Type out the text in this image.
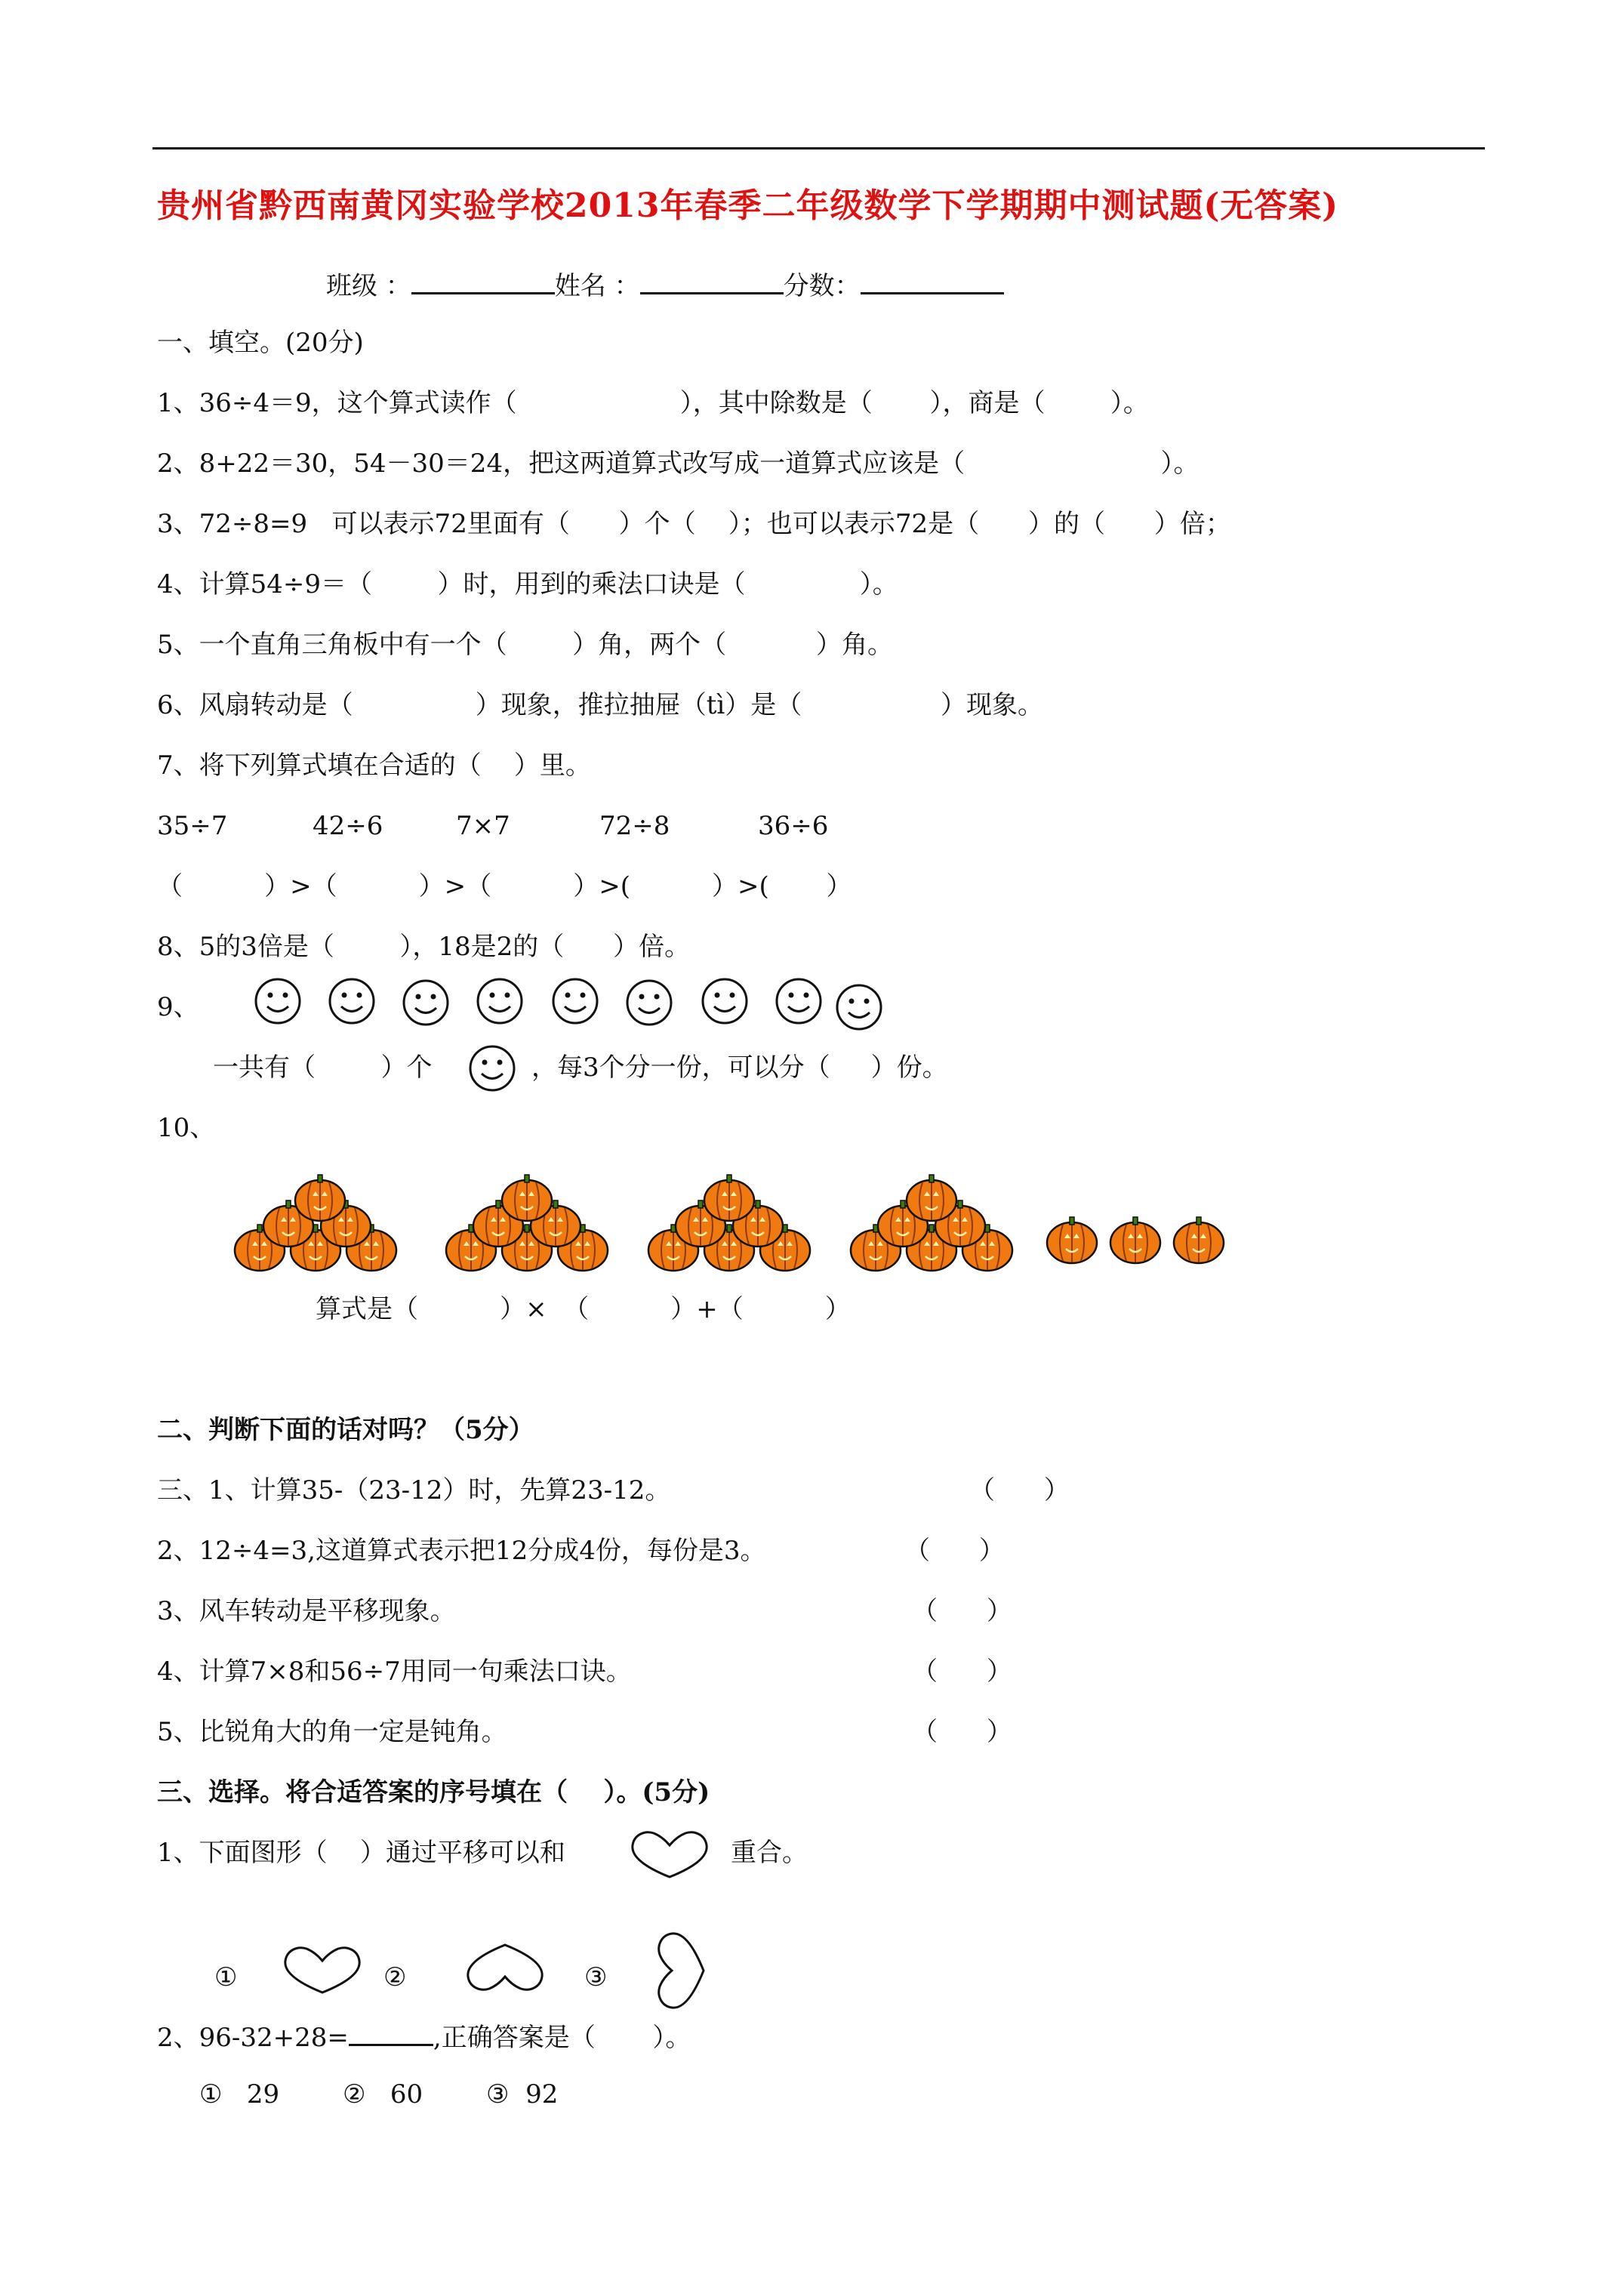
贵州省黔西南黄冈实验学校2013年春季二年级数学下学期期中测试题(无答案)
班级 ：	姓名 ：	分数：
一、填空。(20分)
1、36÷4＝9，这个算式读作（                    ），其中除数是（       ），商是（        ）。
2、8+22＝30，54－30＝24，把这两道算式改写成一道算式应该是（                        ）。
3、72÷8=9   可以表示72里面有（      ）个（    ）；也可以表示72是（      ）的（      ）倍；
4、计算54÷9＝（        ）时，用到的乘法口诀是（              ）。
5、一个直角三角板中有一个（        ）角，两个（           ）角。
6、风扇转动是（               ）现象，推拉抽屉（tì）是（                 ）现象。
7、将下列算式填在合适的（    ）里。
35÷7	42÷6	7×7	72÷8	36÷6
（          ）>（          ）>（          ）>(          ）>(       ）
8、5的3倍是（        ），18是2的（      ）倍。
9、
一共有（        ）个	，每3个分一份，可以分（     ）份。
10、
算式是（          ）×  （          ）+（          ）
二、判断下面的话对吗？（5分）
三、1、计算35-（23-12）时，先算23-12。	（      ）
2、12÷4=3,这道算式表示把12分成4份，每份是3。	（      ）
3、风车转动是平移现象。	（      ）
4、计算7×8和56÷7用同一句乘法口诀。	（      ）
5、比锐角大的角一定是钝角。	（      ）
三、选择。将合适答案的序号填在（    ）。(5分)
1、下面图形（    ）通过平移可以和	重合。
①	②	③
2、96-32+28=	,正确答案是（       ）。
①   29 ②   60 ③  92
